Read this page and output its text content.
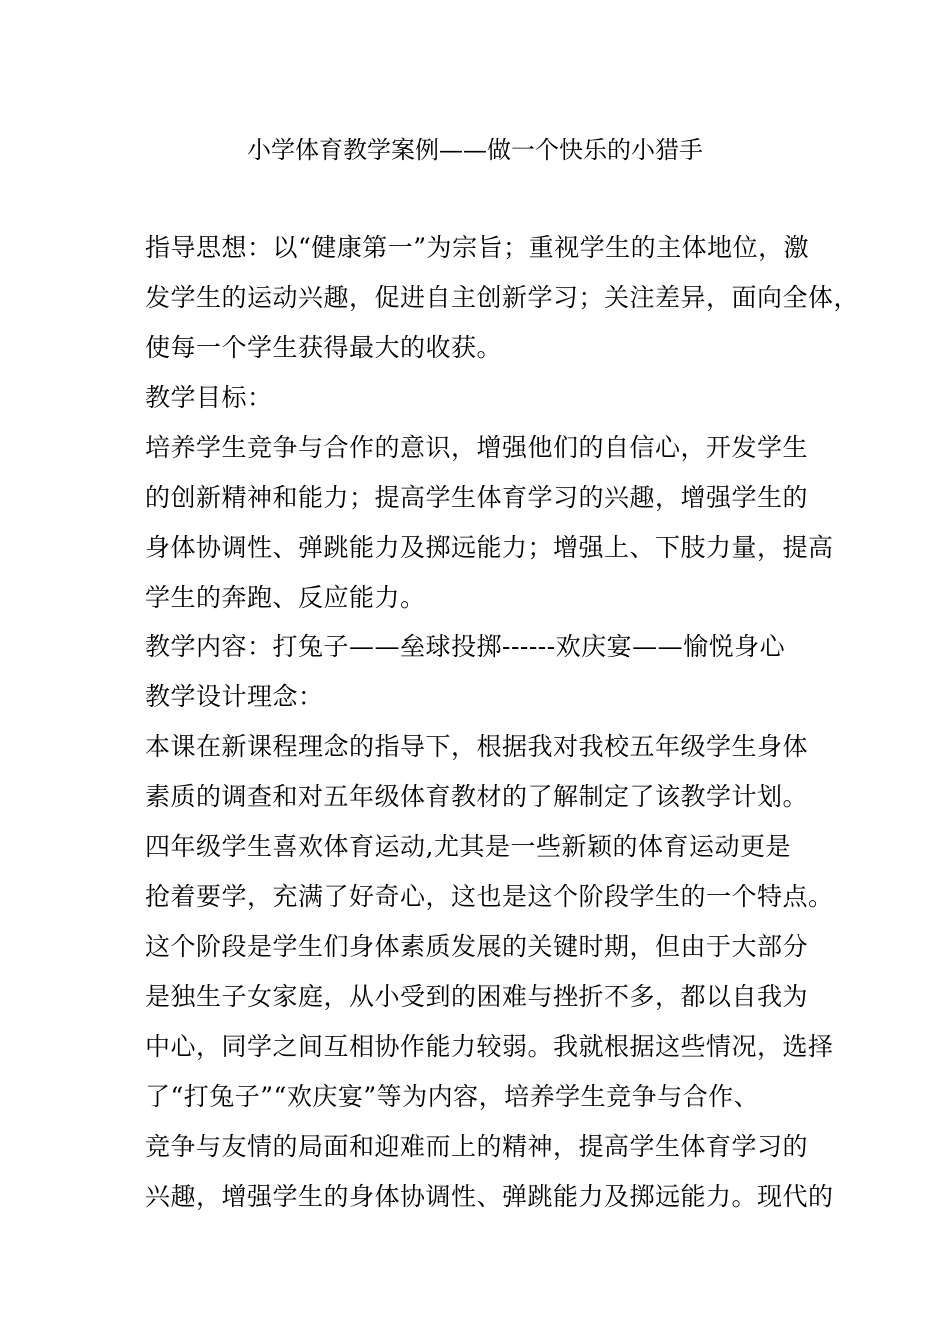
小学体育教学案例——做一个快乐的小猎手
指导思想：以“健康第一”为宗旨；重视学生的主体地位，激
发学生的运动兴趣，促进自主创新学习；关注差异，面向全体，
使每一个学生获得最大的收获。
教学目标：
培养学生竞争与合作的意识，增强他们的自信心，开发学生
的创新精神和能力；提高学生体育学习的兴趣，增强学生的
身体协调性、弹跳能力及掷远能力；增强上、下肢力量，提高
学生的奔跑、反应能力。
教学内容：打兔子——垒球投掷------欢庆宴——愉悦身心
教学设计理念：
本课在新课程理念的指导下，根据我对我校五年级学生身体
素质的调查和对五年级体育教材的了解制定了该教学计划。
四年级学生喜欢体育运动,尤其是一些新颖的体育运动更是
抢着要学，充满了好奇心，这也是这个阶段学生的一个特点。
这个阶段是学生们身体素质发展的关键时期，但由于大部分
是独生子女家庭，从小受到的困难与挫折不多，都以自我为
中心，同学之间互相协作能力较弱。我就根据这些情况，选择
了“打兔子”“欢庆宴”等为内容，培养学生竞争与合作、
竞争与友情的局面和迎难而上的精神，提高学生体育学习的
兴趣，增强学生的身体协调性、弹跳能力及掷远能力。现代的
